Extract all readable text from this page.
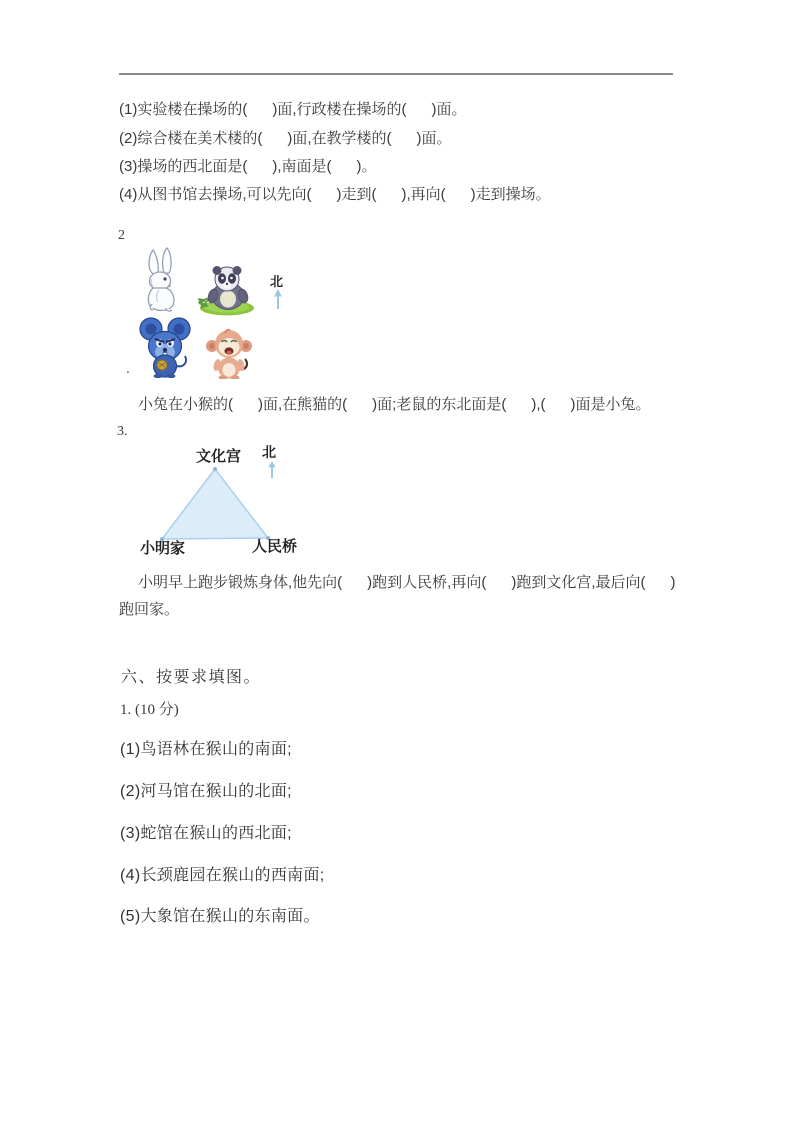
(1)实验楼在操场的(      )面,行政楼在操场的(      )面。
(2)综合楼在美术楼的(      )面,在教学楼的(      )面。
(3)操场的西北面是(      ),南面是(      )。
(4)从图书馆去操场,可以先向(      )走到(      ),再向(      )走到操场。
2
北
.
小兔在小猴的(      )面,在熊猫的(      )面;老鼠的东北面是(      ),(      )面是小兔。
3.
文化宫
小明家	人民桥
北
小明早上跑步锻炼身体,他先向(      )跑到人民桥,再向(      )跑到文化宫,最后向(      )
跑回家。
六、按要求填图。
1. (10 分)
(1)鸟语林在猴山的南面;
(2)河马馆在猴山的北面;
(3)蛇馆在猴山的西北面;
(4)长颈鹿园在猴山的西南面;
(5)大象馆在猴山的东南面。
